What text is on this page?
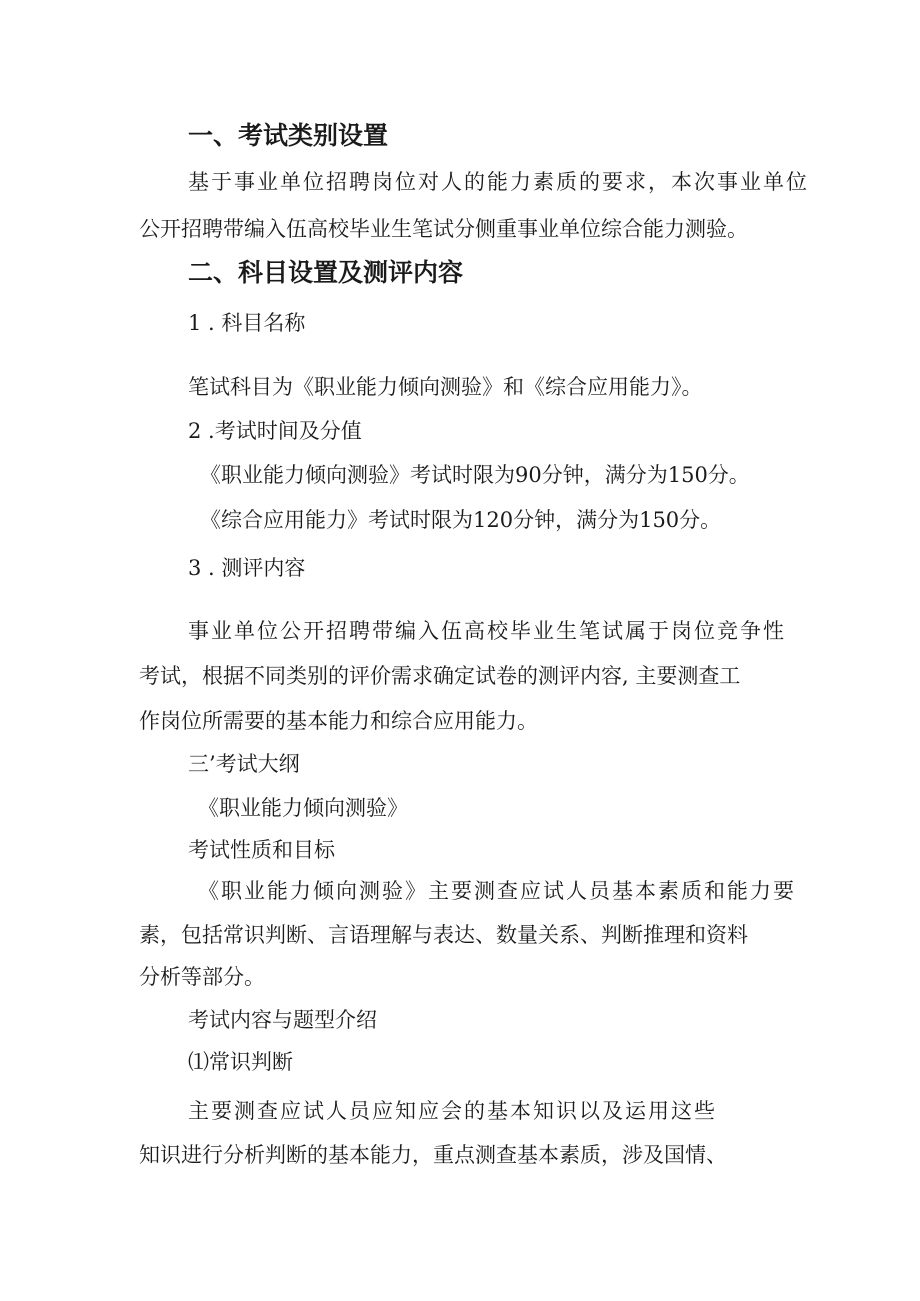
一、考试类别设置
基于事业单位招聘岗位对人的能力素质的要求，本次事业单位
公开招聘带编入伍高校毕业生笔试分侧重事业单位综合能力测验。
二、科目设置及测评内容
1 . 科目名称
笔试科目为《职业能力倾向测验》和《综合应用能力》。
2 .考试时间及分值
《职业能力倾向测验》考试时限为90分钟，满分为150分。
《综合应用能力》考试时限为120分钟，满分为150分。
3 . 测评内容
事业单位公开招聘带编入伍高校毕业生笔试属于岗位竞争性
考试，根据不同类别的评价需求确定试卷的测评内容, 主要测查工
作岗位所需要的基本能力和综合应用能力。
三’考试大纲
《职业能力倾向测验》
考试性质和目标
《职业能力倾向测验》主要测查应试人员基本素质和能力要
素，包括常识判断、言语理解与表达、数量关系、判断推理和资料
分析等部分。
考试内容与题型介绍
⑴常识判断
主要测查应试人员应知应会的基本知识以及运用这些
知识进行分析判断的基本能力，重点测查基本素质，涉及国情、
